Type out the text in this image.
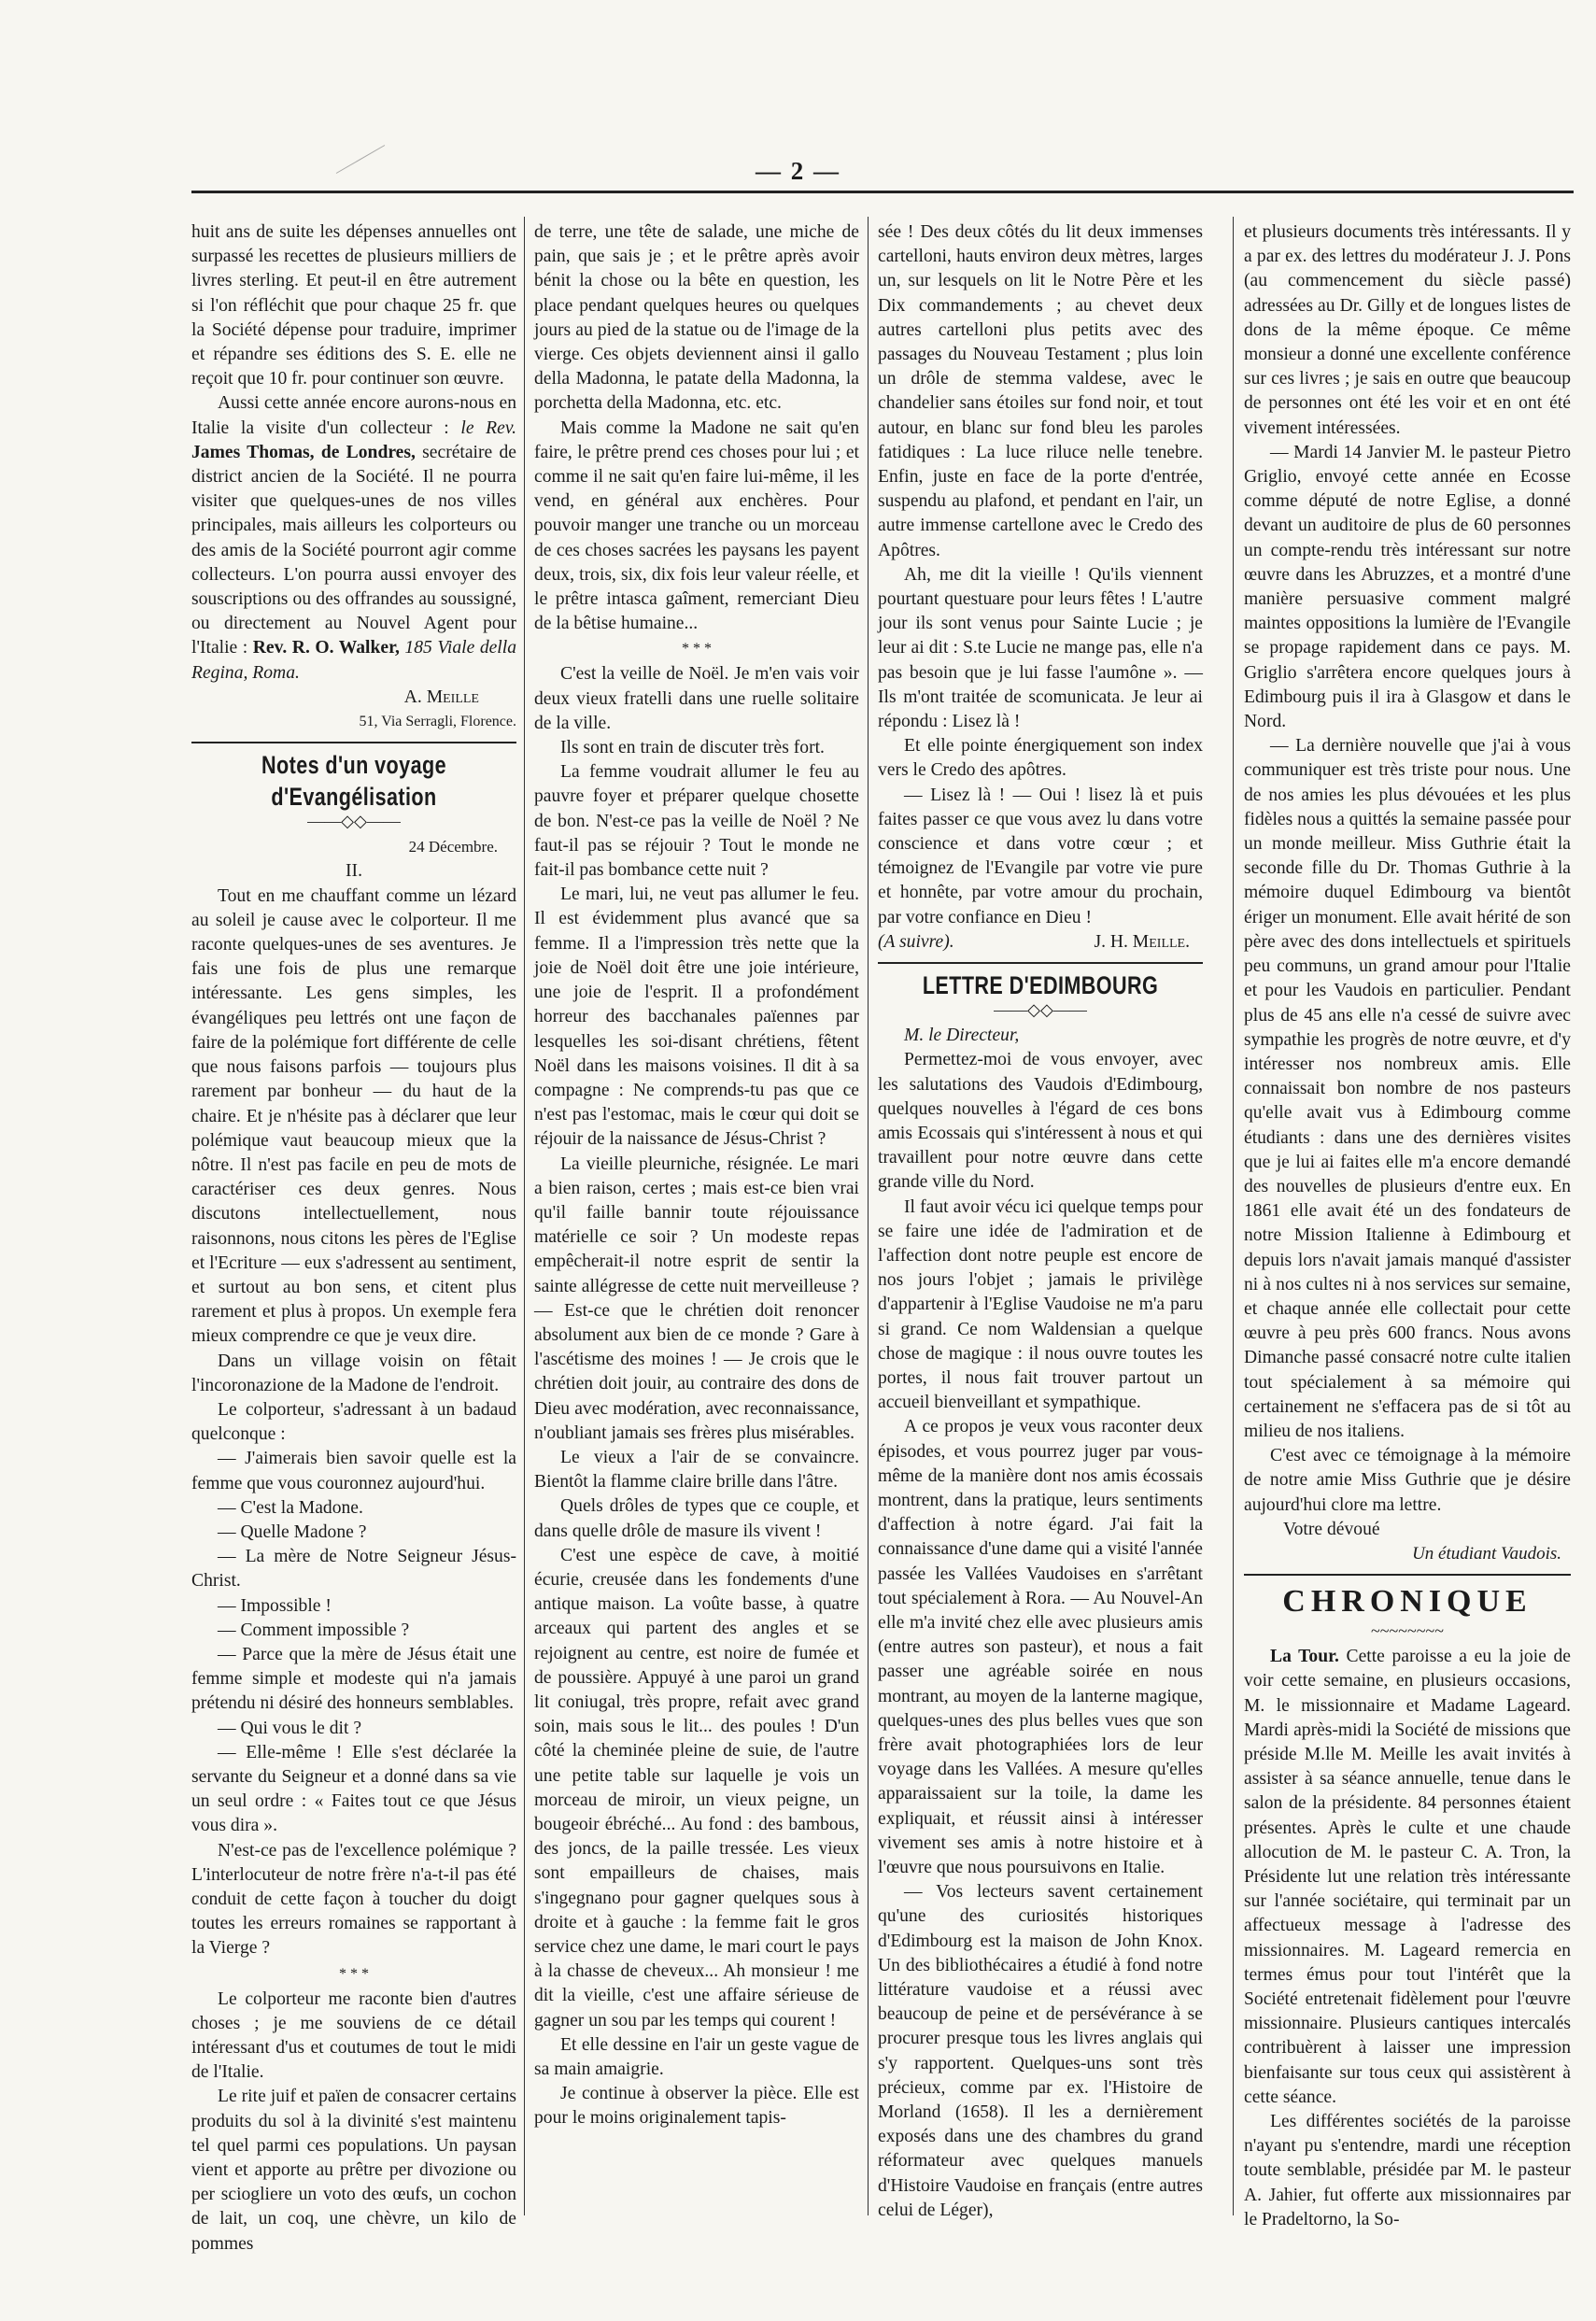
— 2 —

huit ans de suite les dépenses annuelles ont surpassé les recettes de plusieurs milliers de livres sterling. Et peut-il en être autrement si l'on réfléchit que pour chaque 25 fr. que la Société dépense pour traduire, imprimer et répandre ses éditions des S. E. elle ne reçoit que 10 fr. pour continuer son œuvre.

Aussi cette année encore aurons-nous en Italie la visite d'un collecteur : le Rev. James Thomas, de Londres, secrétaire de district ancien de la Société. Il ne pourra visiter que quelques-unes de nos villes principales, mais ailleurs les colporteurs ou des amis de la Société pourront agir comme collecteurs. L'on pourra aussi envoyer des souscriptions ou des offrandes au soussigné, ou directement au Nouvel Agent pour l'Italie : Rev. R. O. Walker, 185 Viale della Regina, Roma.

A. Meille
51, Via Serragli, Florence.
Notes d'un voyage d'Evangélisation
——◇◇——
24 Décembre.
II.

Tout en me chauffant comme un lézard au soleil je cause avec le colporteur. Il me raconte quelques-unes de ses aventures. Je fais une fois de plus une remarque intéressante. Les gens simples, les évangéliques peu lettrés ont une façon de faire de la polémique fort différente de celle que nous faisons parfois — toujours plus rarement par bonheur — du haut de la chaire. Et je n'hésite pas à déclarer que leur polémique vaut beaucoup mieux que la nôtre. Il n'est pas facile en peu de mots de caractériser ces deux genres. Nous discutons intellectuellement, nous raisonnons, nous citons les pères de l'Eglise et l'Ecriture — eux s'adressent au sentiment, et surtout au bon sens, et citent plus rarement et plus à propos. Un exemple fera mieux comprendre ce que je veux dire.

Dans un village voisin on fêtait l'incoronazione de la Madone de l'endroit.

Le colporteur, s'adressant à un badaud quelconque :

— J'aimerais bien savoir quelle est la femme que vous couronnez aujourd'hui.

— C'est la Madone.

— Quelle Madone ?

— La mère de Notre Seigneur Jésus-Christ.

— Impossible !

— Comment impossible ?

— Parce que la mère de Jésus était une femme simple et modeste qui n'a jamais prétendu ni désiré des honneurs semblables.

— Qui vous le dit ?

— Elle-même ! Elle s'est déclarée la servante du Seigneur et a donné dans sa vie un seul ordre : « Faites tout ce que Jésus vous dira ».

N'est-ce pas de l'excellence polémique ? L'interlocuteur de notre frère n'a-t-il pas été conduit de cette façon à toucher du doigt toutes les erreurs romaines se rapportant à la Vierge ?

* * *

Le colporteur me raconte bien d'autres choses ; je me souviens de ce détail intéressant d'us et coutumes de tout le midi de l'Italie.

Le rite juif et païen de consacrer certains produits du sol à la divinité s'est maintenu tel quel parmi ces populations. Un paysan vient et apporte au prêtre per divozione ou per sciogliere un voto des œufs, un cochon de lait, un coq, une chèvre, un kilo de pommes

de terre, une tête de salade, une miche de pain, que sais je ; et le prêtre après avoir bénit la chose ou la bête en question, les place pendant quelques heures ou quelques jours au pied de la statue ou de l'image de la vierge. Ces objets deviennent ainsi il gallo della Madonna, le patate della Madonna, la porchetta della Madonna, etc. etc.

Mais comme la Madone ne sait qu'en faire, le prêtre prend ces choses pour lui ; et comme il ne sait qu'en faire lui-même, il les vend, en général aux enchères. Pour pouvoir manger une tranche ou un morceau de ces choses sacrées les paysans les payent deux, trois, six, dix fois leur valeur réelle, et le prêtre intasca gaîment, remerciant Dieu de la bêtise humaine...

* * *

C'est la veille de Noël. Je m'en vais voir deux vieux fratelli dans une ruelle solitaire de la ville.

Ils sont en train de discuter très fort.

La femme voudrait allumer le feu au pauvre foyer et préparer quelque chosette de bon. N'est-ce pas la veille de Noël ? Ne faut-il pas se réjouir ? Tout le monde ne fait-il pas bombance cette nuit ?

Le mari, lui, ne veut pas allumer le feu. Il est évidemment plus avancé que sa femme. Il a l'impression très nette que la joie de Noël doit être une joie intérieure, une joie de l'esprit. Il a profondément horreur des bacchanales païennes par lesquelles les soi-disant chrétiens, fêtent Noël dans les maisons voisines. Il dit à sa compagne : Ne comprends-tu pas que ce n'est pas l'estomac, mais le cœur qui doit se réjouir de la naissance de Jésus-Christ ?

La vieille pleurniche, résignée. Le mari a bien raison, certes ; mais est-ce bien vrai qu'il faille bannir toute réjouissance matérielle ce soir ? Un modeste repas empêcherait-il notre esprit de sentir la sainte allégresse de cette nuit merveilleuse ? — Est-ce que le chrétien doit renoncer absolument aux bien de ce monde ? Gare à l'ascétisme des moines ! — Je crois que le chrétien doit jouir, au contraire des dons de Dieu avec modération, avec reconnaissance, n'oubliant jamais ses frères plus misérables.

Le vieux a l'air de se convaincre. Bientôt la flamme claire brille dans l'âtre.

Quels drôles de types que ce couple, et dans quelle drôle de masure ils vivent !

C'est une espèce de cave, à moitié écurie, creusée dans les fondements d'une antique maison. La voûte basse, à quatre arceaux qui partent des angles et se rejoignent au centre, est noire de fumée et de poussière. Appuyé à une paroi un grand lit coniugal, très propre, refait avec grand soin, mais sous le lit... des poules ! D'un côté la cheminée pleine de suie, de l'autre une petite table sur laquelle je vois un morceau de miroir, un vieux peigne, un bougeoir ébréché... Au fond : des bambous, des joncs, de la paille tressée. Les vieux sont empailleurs de chaises, mais s'ingegnano pour gagner quelques sous à droite et à gauche : la femme fait le gros service chez une dame, le mari court le pays à la chasse de cheveux... Ah monsieur ! me dit la vieille, c'est une affaire sérieuse de gagner un sou par les temps qui courent !

Et elle dessine en l'air un geste vague de sa main amaigrie.

Je continue à observer la pièce. Elle est pour le moins originalement tapis-

sée ! Des deux côtés du lit deux immenses cartelloni, hauts environ deux mètres, larges un, sur lesquels on lit le Notre Père et les Dix commandements ; au chevet deux autres cartelloni plus petits avec des passages du Nouveau Testament ; plus loin un drôle de stemma valdese, avec le chandelier sans étoiles sur fond noir, et tout autour, en blanc sur fond bleu les paroles fatidiques : La luce riluce nelle tenebre. Enfin, juste en face de la porte d'entrée, suspendu au plafond, et pendant en l'air, un autre immense cartellone avec le Credo des Apôtres.

Ah, me dit la vieille ! Qu'ils viennent pourtant questuare pour leurs fêtes ! L'autre jour ils sont venus pour Sainte Lucie ; je leur ai dit : S.te Lucie ne mange pas, elle n'a pas besoin que je lui fasse l'aumône ». — Ils m'ont traitée de scomunicata. Je leur ai répondu : Lisez là !

Et elle pointe énergiquement son index vers le Credo des apôtres.

— Lisez là ! — Oui ! lisez là et puis faites passer ce que vous avez lu dans votre conscience et dans votre cœur ; et témoignez de l'Evangile par votre vie pure et honnête, par votre amour du prochain, par votre confiance en Dieu !

(A suivre).	J. H. Meille.
LETTRE D'EDIMBOURG
——◇◇——

M. le Directeur,

Permettez-moi de vous envoyer, avec les salutations des Vaudois d'Edimbourg, quelques nouvelles à l'égard de ces bons amis Ecossais qui s'intéressent à nous et qui travaillent pour notre œuvre dans cette grande ville du Nord.

Il faut avoir vécu ici quelque temps pour se faire une idée de l'admiration et de l'affection dont notre peuple est encore de nos jours l'objet ; jamais le privilège d'appartenir à l'Eglise Vaudoise ne m'a paru si grand. Ce nom Waldensian a quelque chose de magique : il nous ouvre toutes les portes, il nous fait trouver partout un accueil bienveillant et sympathique.

A ce propos je veux vous raconter deux épisodes, et vous pourrez juger par vous-même de la manière dont nos amis écossais montrent, dans la pratique, leurs sentiments d'affection à notre égard. J'ai fait la connaissance d'une dame qui a visité l'année passée les Vallées Vaudoises en s'arrêtant tout spécialement à Rora. — Au Nouvel-An elle m'a invité chez elle avec plusieurs amis (entre autres son pasteur), et nous a fait passer une agréable soirée en nous montrant, au moyen de la lanterne magique, quelques-unes des plus belles vues que son frère avait photographiées lors de leur voyage dans les Vallées. A mesure qu'elles apparaissaient sur la toile, la dame les expliquait, et réussit ainsi à intéresser vivement ses amis à notre histoire et à l'œuvre que nous poursuivons en Italie.

— Vos lecteurs savent certainement qu'une des curiosités historiques d'Edimbourg est la maison de John Knox. Un des bibliothécaires a étudié à fond notre littérature vaudoise et a réussi avec beaucoup de peine et de persévérance à se procurer presque tous les livres anglais qui s'y rapportent. Quelques-uns sont très précieux, comme par ex. l'Histoire de Morland (1658). Il les a dernièrement exposés dans une des chambres du grand réformateur avec quelques manuels d'Histoire Vaudoise en français (entre autres celui de Léger),

et plusieurs documents très intéressants. Il y a par ex. des lettres du modérateur J. J. Pons (au commencement du siècle passé) adressées au Dr. Gilly et de longues listes de dons de la même époque. Ce même monsieur a donné une excellente conférence sur ces livres ; je sais en outre que beaucoup de personnes ont été les voir et en ont été vivement intéressées.

— Mardi 14 Janvier M. le pasteur Pietro Griglio, envoyé cette année en Ecosse comme député de notre Eglise, a donné devant un auditoire de plus de 60 personnes un compte-rendu très intéressant sur notre œuvre dans les Abruzzes, et a montré d'une manière persuasive comment malgré maintes oppositions la lumière de l'Evangile se propage rapidement dans ce pays. M. Griglio s'arrêtera encore quelques jours à Edimbourg puis il ira à Glasgow et dans le Nord.

— La dernière nouvelle que j'ai à vous communiquer est très triste pour nous. Une de nos amies les plus dévouées et les plus fidèles nous a quittés la semaine passée pour un monde meilleur. Miss Guthrie était la seconde fille du Dr. Thomas Guthrie à la mémoire duquel Edimbourg va bientôt ériger un monument. Elle avait hérité de son père avec des dons intellectuels et spirituels peu communs, un grand amour pour l'Italie et pour les Vaudois en particulier. Pendant plus de 45 ans elle n'a cessé de suivre avec sympathie les progrès de notre œuvre, et d'y intéresser nos nombreux amis. Elle connaissait bon nombre de nos pasteurs qu'elle avait vus à Edimbourg comme étudiants : dans une des dernières visites que je lui ai faites elle m'a encore demandé des nouvelles de plusieurs d'entre eux. En 1861 elle avait été un des fondateurs de notre Mission Italienne à Edimbourg et depuis lors n'avait jamais manqué d'assister ni à nos cultes ni à nos services sur semaine, et chaque année elle collectait pour cette œuvre à peu près 600 francs. Nous avons Dimanche passé consacré notre culte italien tout spécialement à sa mémoire qui certainement ne s'effacera pas de si tôt au milieu de nos italiens.

C'est avec ce témoignage à la mémoire de notre amie Miss Guthrie que je désire aujourd'hui clore ma lettre.

Votre dévoué

Un étudiant Vaudois.
CHRONIQUE
~~~~~~~~

La Tour. Cette paroisse a eu la joie de voir cette semaine, en plusieurs occasions, M. le missionnaire et Madame Lageard. Mardi après-midi la Société de missions que préside M.lle M. Meille les avait invités à assister à sa séance annuelle, tenue dans le salon de la présidente. 84 personnes étaient présentes. Après le culte et une chaude allocution de M. le pasteur C. A. Tron, la Présidente lut une relation très intéressante sur l'année sociétaire, qui terminait par un affectueux message à l'adresse des missionnaires. M. Lageard remercia en termes émus pour tout l'intérêt que la Société entretenait fidèlement pour l'œuvre missionnaire. Plusieurs cantiques intercalés contribuèrent à laisser une impression bienfaisante sur tous ceux qui assistèrent à cette séance.

Les différentes sociétés de la paroisse n'ayant pu s'entendre, mardi une réception toute semblable, présidée par M. le pasteur A. Jahier, fut offerte aux missionnaires par le Pradeltorno, la So-
